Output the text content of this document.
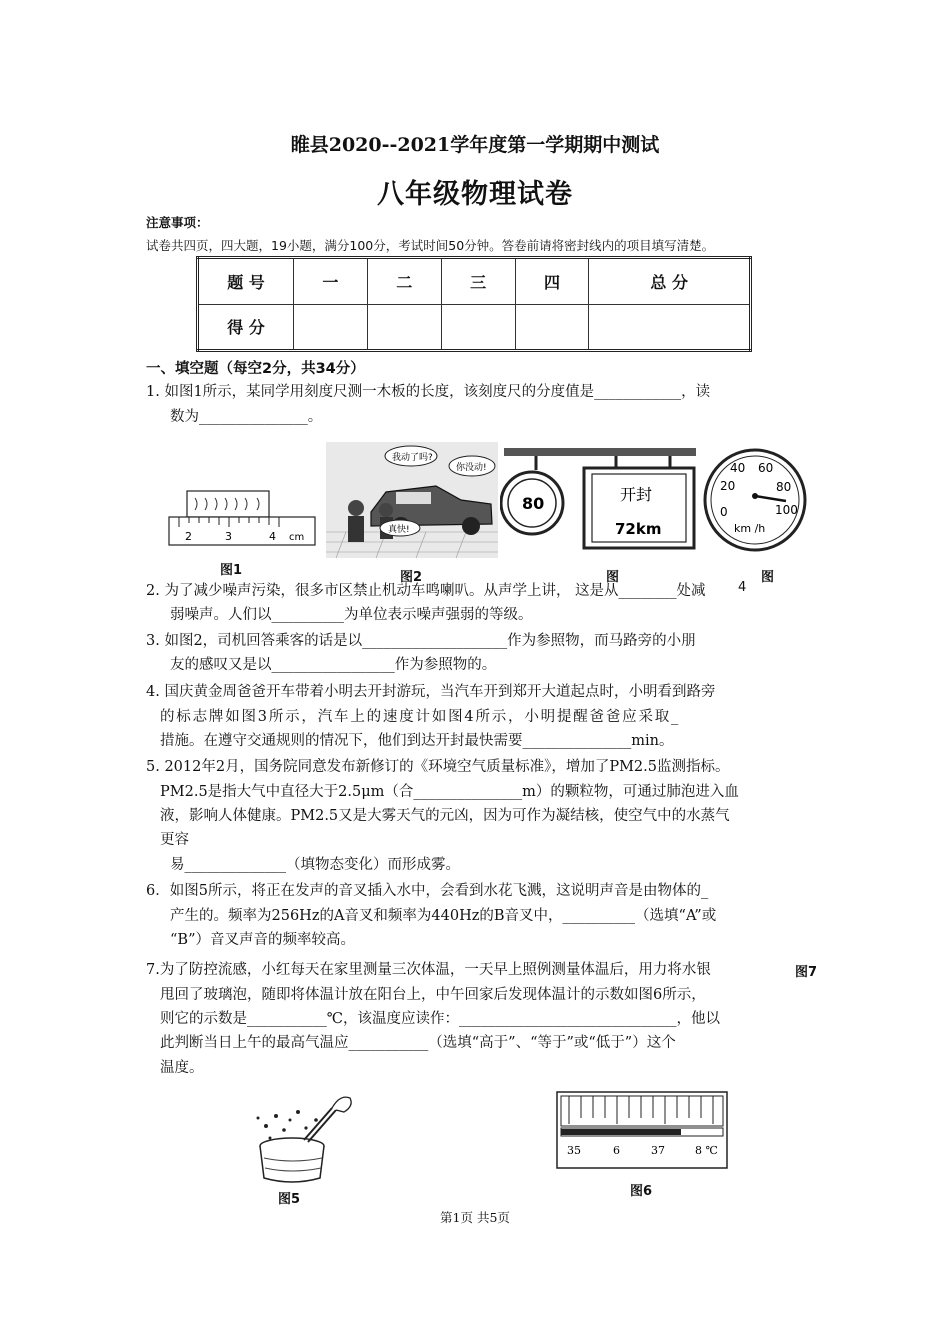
睢县2020--2021学年度第一学期期中测试
八年级物理试卷
注意事项：
试卷共四页，四大题，19小题，满分100分，考试时间50分钟。答卷前请将密封线内的项目填写清楚。
题 号	一	二	三	四	总 分
得 分					
一、填空题（每空2分，共34分）
1. 如图1所示，某同学用刻度尺测一木板的长度，该刻度尺的分度值是____________，读
数为_______________。
2	3	4 cm
图1
我动了吗?
你没动!
真快!
图2
80	开封
72km
20
40 60
80
100
0
km /h
图	图
2. 为了减少噪声污染，很多市区禁止机动车鸣喇叭。从声学上讲， 这是从________处减 4
弱噪声。人们以__________为单位表示噪声强弱的等级。
3. 如图2，司机回答乘客的话是以____________________作为参照物，而马路旁的小朋
友的感叹又是以_________________作为参照物的。
4. 国庆黄金周爸爸开车带着小明去开封游玩，当汽车开到郑开大道起点时，小明看到路旁
的标志牌如图3所示，汽车上的速度计如图4所示，小明提醒爸爸应采取_
措施。在遵守交通规则的情况下，他们到达开封最快需要_______________min。
5. 2012年2月，国务院同意发布新修订的《环境空气质量标准》，增加了PM2.5监测指标。
PM2.5是指大气中直径大于2.5μm（合_______________m）的颗粒物，可通过肺泡进入血
液，影响人体健康。PM2.5又是大雾天气的元凶，因为可作为凝结核，使空气中的水蒸气
更容
易______________（填物态变化）而形成雾。
6．如图5所示，将正在发声的音叉插入水中，会看到水花飞溅，这说明声音是由物体的_
产生的。频率为256Hz的A音叉和频率为440Hz的B音叉中，__________（选填“A”或
“B”）音叉声音的频率较高。
7.为了防控流感，小红每天在家里测量三次体温，一天早上照例测量体温后，用力将水银	图7
甩回了玻璃泡，随即将体温计放在阳台上，中午回家后发现体温计的示数如图6所示，
则它的示数是___________℃，该温度应读作：______________________________，他以
此判断当日上午的最高气温应___________（选填“高于”、“等于”或“低于”）这个
温度。
图5
35	6	37	8 ℃
图6
第1页 共5页
